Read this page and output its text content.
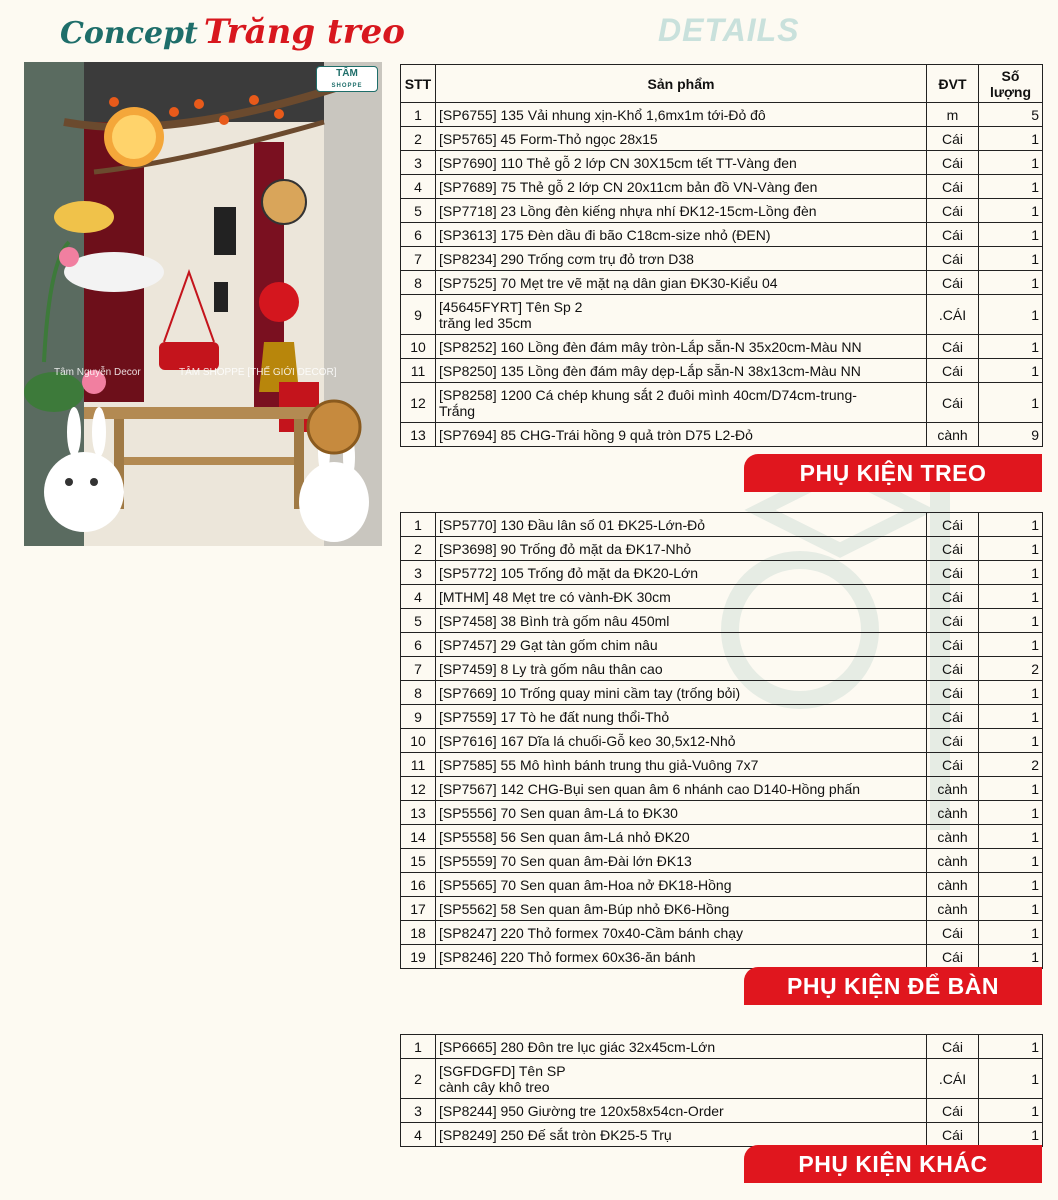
Concept Trăng treo	DETAILS
TÂM
SHOPPE
Tâm Nguyễn Decor	TÂM SHOPPE [THẾ GIỚI DECOR]
STT	Sản phẩm	ĐVT	Số
lượng
1	[SP6755] 135 Vải nhung xịn-Khổ 1,6mx1m tới-Đỏ đô	m	5
2	[SP5765] 45 Form-Thỏ ngọc 28x15	Cái	1
3	[SP7690] 110 Thẻ gỗ 2 lớp CN 30X15cm tết TT-Vàng đen	Cái	1
4	[SP7689] 75 Thẻ gỗ 2 lớp CN 20x11cm bản đồ VN-Vàng đen	Cái	1
5	[SP7718] 23 Lồng đèn kiếng nhựa nhí ĐK12-15cm-Lồng đèn	Cái	1
6	[SP3613] 175 Đèn dầu đi bão C18cm-size nhỏ (ĐEN)	Cái	1
7	[SP8234] 290 Trống cơm trụ đỏ trơn D38	Cái	1
8	[SP7525] 70 Mẹt tre vẽ mặt nạ dân gian ĐK30-Kiểu 04	Cái	1
9	[45645FYRT] Tên Sp 2
trăng led 35cm	.CÁI	1
10	[SP8252] 160 Lồng đèn đám mây tròn-Lắp sẵn-N 35x20cm-Màu NN	Cái	1
11	[SP8250] 135 Lồng đèn đám mây dẹp-Lắp sẵn-N 38x13cm-Màu NN	Cái	1
12	[SP8258] 1200 Cá chép khung sắt 2 đuôi mình 40cm/D74cm-trung-
Trắng	Cái	1
13	[SP7694] 85 CHG-Trái hồng 9 quả tròn D75 L2-Đỏ	cành	9
PHỤ KIỆN TREO
1	[SP5770] 130 Đầu lân số 01 ĐK25-Lớn-Đỏ	Cái	1
2	[SP3698] 90 Trống đỏ mặt da ĐK17-Nhỏ	Cái	1
3	[SP5772] 105 Trống đỏ mặt da ĐK20-Lớn	Cái	1
4	[MTHM] 48 Mẹt tre có vành-ĐK 30cm	Cái	1
5	[SP7458] 38 Bình trà gốm nâu 450ml	Cái	1
6	[SP7457] 29 Gạt tàn gốm chim nâu	Cái	1
7	[SP7459] 8 Ly trà gốm nâu thân cao	Cái	2
8	[SP7669] 10 Trống quay mini cầm tay (trống bỏi)	Cái	1
9	[SP7559] 17 Tò he đất nung thổi-Thỏ	Cái	1
10	[SP7616] 167 Dĩa lá chuối-Gỗ keo 30,5x12-Nhỏ	Cái	1
11	[SP7585] 55 Mô hình bánh trung thu giả-Vuông 7x7	Cái	2
12	[SP7567] 142 CHG-Bụi sen quan âm 6 nhánh cao D140-Hồng phấn	cành	1
13	[SP5556] 70 Sen quan âm-Lá to ĐK30	cành	1
14	[SP5558] 56 Sen quan âm-Lá nhỏ ĐK20	cành	1
15	[SP5559] 70 Sen quan âm-Đài lớn ĐK13	cành	1
16	[SP5565] 70 Sen quan âm-Hoa nở ĐK18-Hồng	cành	1
17	[SP5562] 58 Sen quan âm-Búp nhỏ ĐK6-Hồng	cành	1
18	[SP8247] 220 Thỏ formex 70x40-Cầm bánh chạy	Cái	1
19	[SP8246] 220 Thỏ formex 60x36-ăn bánh	Cái	1
PHỤ KIỆN ĐỂ BÀN
1	[SP6665] 280 Đôn tre lục giác 32x45cm-Lớn	Cái	1
2	[SGFDGFD] Tên SP
cành cây khô treo	.CÁI	1
3	[SP8244] 950 Giường tre 120x58x54cn-Order	Cái	1
4	[SP8249] 250 Đế sắt tròn ĐK25-5 Trụ	Cái	1
PHỤ KIỆN KHÁC
